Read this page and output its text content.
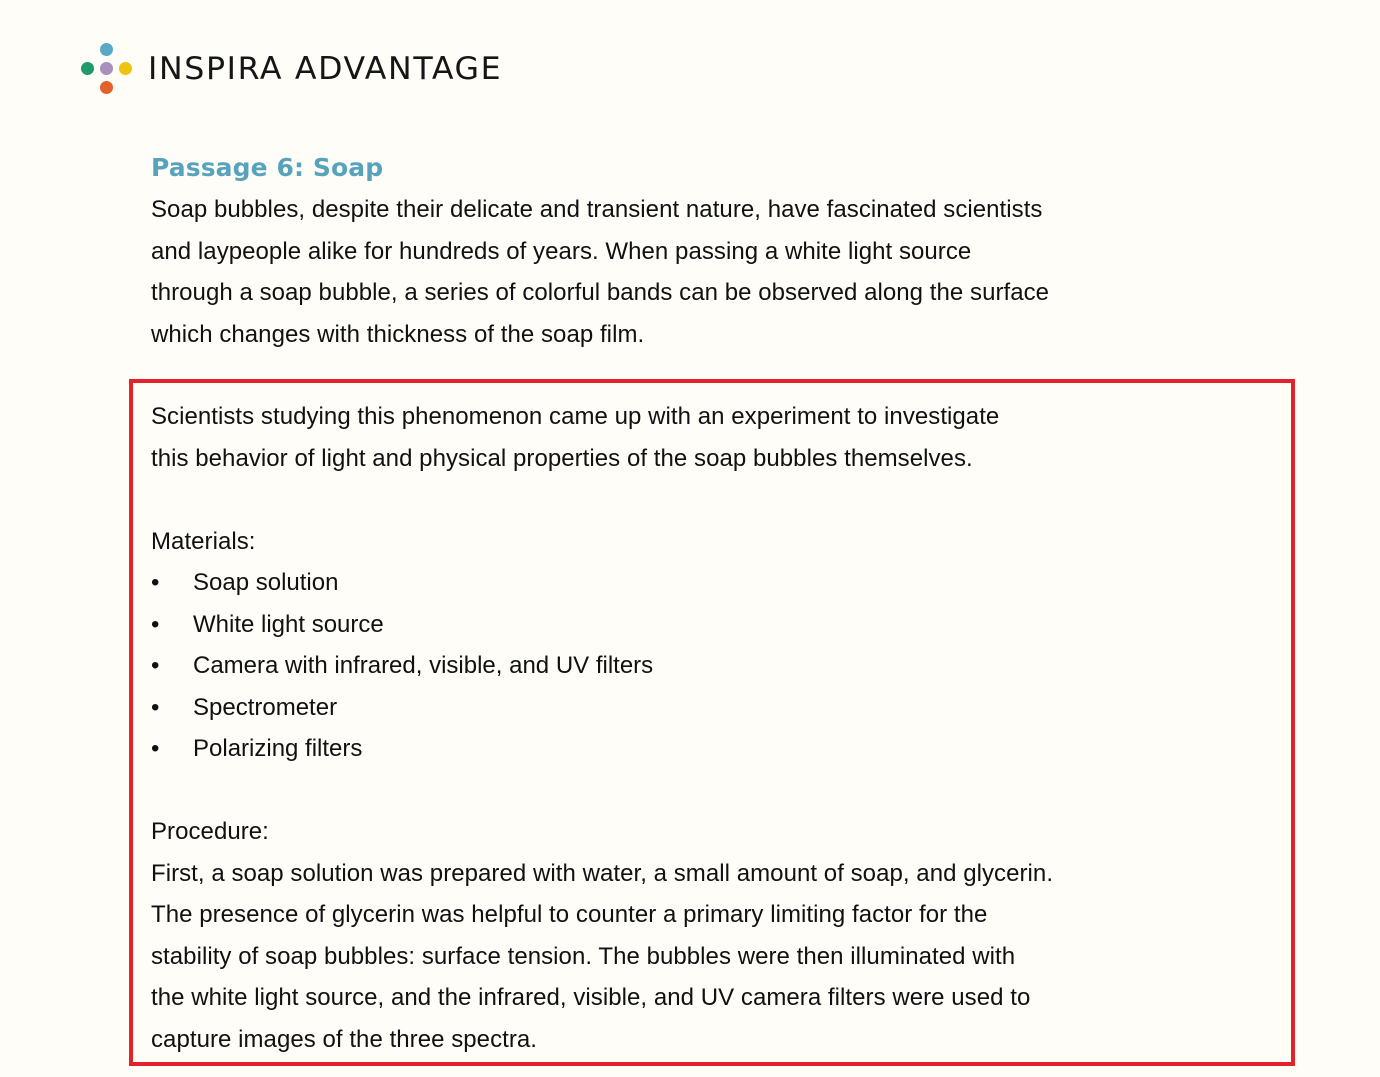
INSPIRA ADVANTAGE
Passage 6: Soap

Soap bubbles, despite their delicate and transient nature, have fascinated scientists

and laypeople alike for hundreds of years. When passing a white light source

through a soap bubble, a series of colorful bands can be observed along the surface

which changes with thickness of the soap film.

Scientists studying this phenomenon came up with an experiment to investigate

this behavior of light and physical properties of the soap bubbles themselves.

Materials:

• Soap solution
• White light source
• Camera with infrared, visible, and UV filters
• Spectrometer
• Polarizing filters

Procedure:

First, a soap solution was prepared with water, a small amount of soap, and glycerin.

The presence of glycerin was helpful to counter a primary limiting factor for the

stability of soap bubbles: surface tension. The bubbles were then illuminated with

the white light source, and the infrared, visible, and UV camera filters were used to

capture images of the three spectra.
